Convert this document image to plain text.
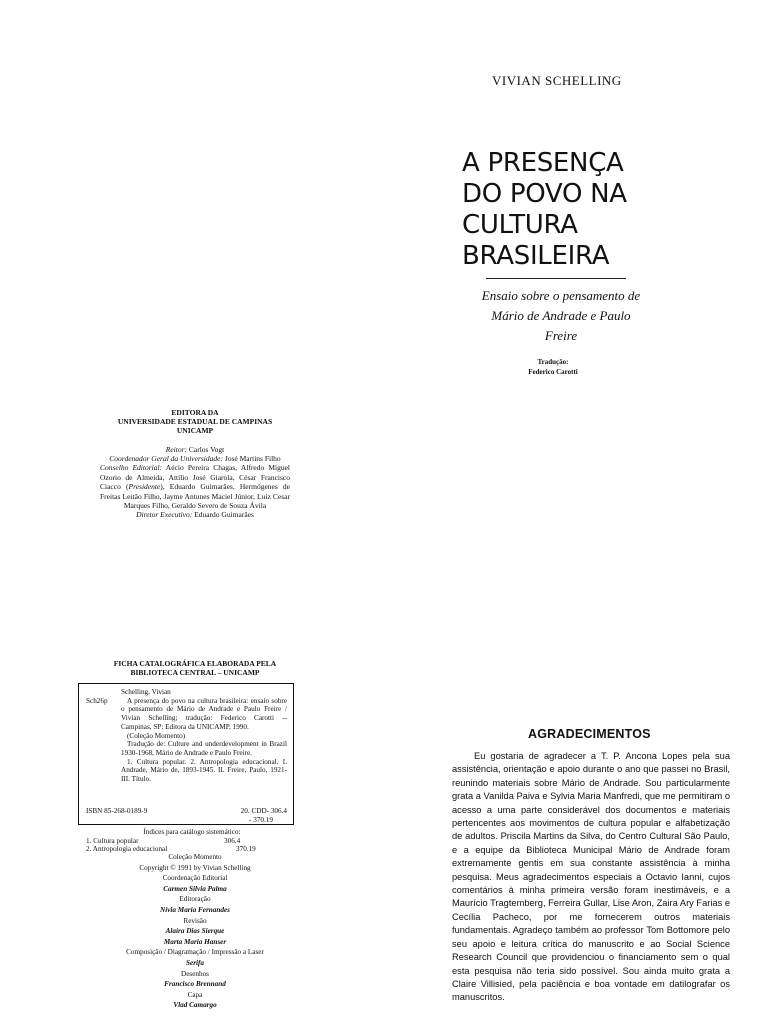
VIVIAN SCHELLING
A PRESENÇA
DO POVO NA
CULTURA
BRASILEIRA
Ensaio sobre o pensamento de
Mário de Andrade e Paulo Freire
Tradução:
Federico Carotti
EDITORA DA
UNIVERSIDADE ESTADUAL DE CAMPINAS
UNICAMP
Reitor: Carlos Vogt
Coordenador Geral da Universidade: José Martins Filho
Conselho Editorial: Aécio Pereira Chagas, Alfredo Miguel Ozorio de Almeida, Attílio José Giarola, César Francisco Ciacco (Presidente), Eduardo Guimarães, Hermógenes de Freitas Leitão Filho, Jayme Antunes Maciel Júnior, Luiz Cesar Marques Filho, Geraldo Severo de Souza Ávila
Diretor Executivo: Eduardo Guimarães
FICHA CATALOGRÁFICA ELABORADA PELA
BIBLIOTECA CENTRAL – UNICAMP
Sch26p
Schelling, Vivian
A presença do povo na cultura brasileira: ensaio sobre o pensamento de Mário de Andrade e Paulo Freire / Vivian Schelling; tradução: Federico Carotti -- Campinas, SP: Editora da UNICAMP, 1990.
(Coleção Momento)
Tradução de: Culture and underdevelopment in Brazil 1930-1968, Mário de Andrade e Paulo Freire.
1. Cultura popular. 2. Antropologia educacional. I. Andrade, Mário de, 1893-1945. II. Freire, Paulo, 1921- III. Título.
ISBN 85-268-0189-9	20. CDD- 306.4
- 370.19
Índices para catálogo sistemático:
1. Cultura popular	306.4
2. Antropologia educacional	370.19
Coleção Momento
Copyright © 1991 by Vivian Schelling
Coordenação Editorial
Carmen Silvia Palma
Editoração
Nívia Maria Fernandes
Revisão
Alaíra Dias Sierque
Marta Maria Hanser
Composição / Diagramação / Impressão a Laser
Serifa
Desenhos
Francisco Brennand
Capa
Vlad Camargo
AGRADECIMENTOS

Eu gostaria de agradecer a T. P. Ancona Lopes pela sua assistência, orientação e apoio durante o ano que passei no Brasil, reunindo materiais sobre Mário de Andrade. Sou particularmente grata a Vanilda Paiva e Sylvia Maria Manfredi, que me permitiram o acesso a uma parte considerável dos documentos e materiais pertencentes aos movimentos de cultura popular e alfabetização de adultos. Priscila Martins da Silva, do Centro Cultural São Paulo, e a equipe da Biblioteca Municipal Mário de Andrade foram extremamente gentis em sua constante assistência à minha pesquisa. Meus agradecimentos especiais a Octavio Ianni, cujos comentários à minha primeira versão foram inestimáveis, e a Maurício Tragtemberg, Ferreira Gullar, Lise Aron, Zaira Ary Farias e Cecília Pacheco, por me fornecerem outros materiais fundamentais. Agradeço também ao professor Tom Bottomore pelo seu apoio e leitura crítica do manuscrito e ao Social Science Research Council que providenciou o financiamento sem o qual esta pesquisa não teria sido possível. Sou ainda muito grata a Claire Villisied, pela paciência e boa vontade em datilografar os manuscritos.
